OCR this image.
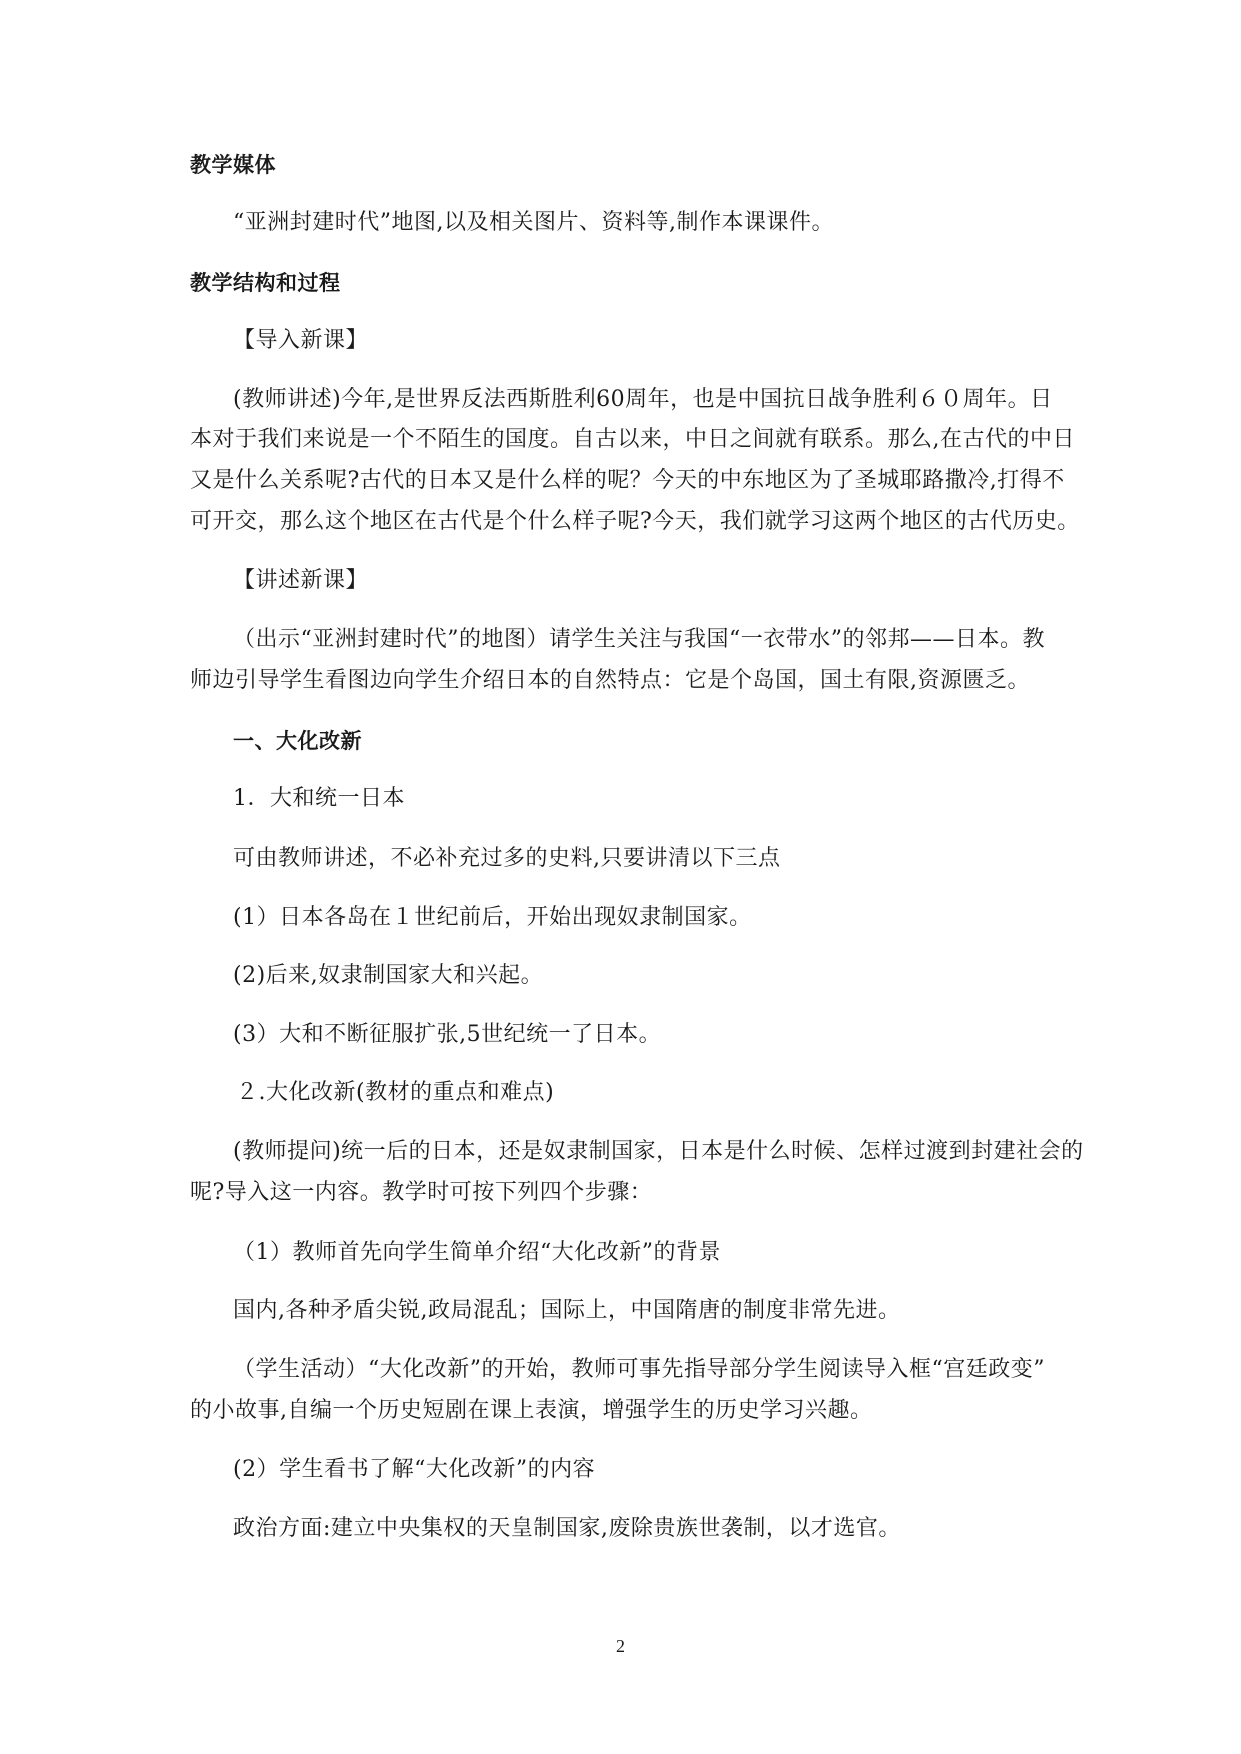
教学媒体
“亚洲封建时代”地图,以及相关图片、资料等,制作本课课件。
教学结构和过程
【导入新课】
(教师讲述)今年,是世界反法西斯胜利60周年，也是中国抗日战争胜利６０周年。日
本对于我们来说是一个不陌生的国度。自古以来，中日之间就有联系。那么,在古代的中日
又是什么关系呢?古代的日本又是什么样的呢？今天的中东地区为了圣城耶路撒冷,打得不
可开交，那么这个地区在古代是个什么样子呢?今天，我们就学习这两个地区的古代历史。
【讲述新课】
（出示“亚洲封建时代”的地图）请学生关注与我国“一衣带水”的邻邦——日本。教
师边引导学生看图边向学生介绍日本的自然特点：它是个岛国，国土有限,资源匮乏。
一、大化改新
1．大和统一日本
可由教师讲述，不必补充过多的史料,只要讲清以下三点
(1）日本各岛在１世纪前后，开始出现奴隶制国家。
(2)后来,奴隶制国家大和兴起。
(3）大和不断征服扩张,5世纪统一了日本。
２.大化改新(教材的重点和难点)
(教师提问)统一后的日本，还是奴隶制国家，日本是什么时候、怎样过渡到封建社会的
呢?导入这一内容。教学时可按下列四个步骤：
（1）教师首先向学生简单介绍“大化改新”的背景
国内,各种矛盾尖锐,政局混乱；国际上，中国隋唐的制度非常先进。
（学生活动）“大化改新”的开始，教师可事先指导部分学生阅读导入框“宫廷政变”
的小故事,自编一个历史短剧在课上表演，增强学生的历史学习兴趣。
(2）学生看书了解“大化改新”的内容
政治方面:建立中央集权的天皇制国家,废除贵族世袭制，以才选官。
2
